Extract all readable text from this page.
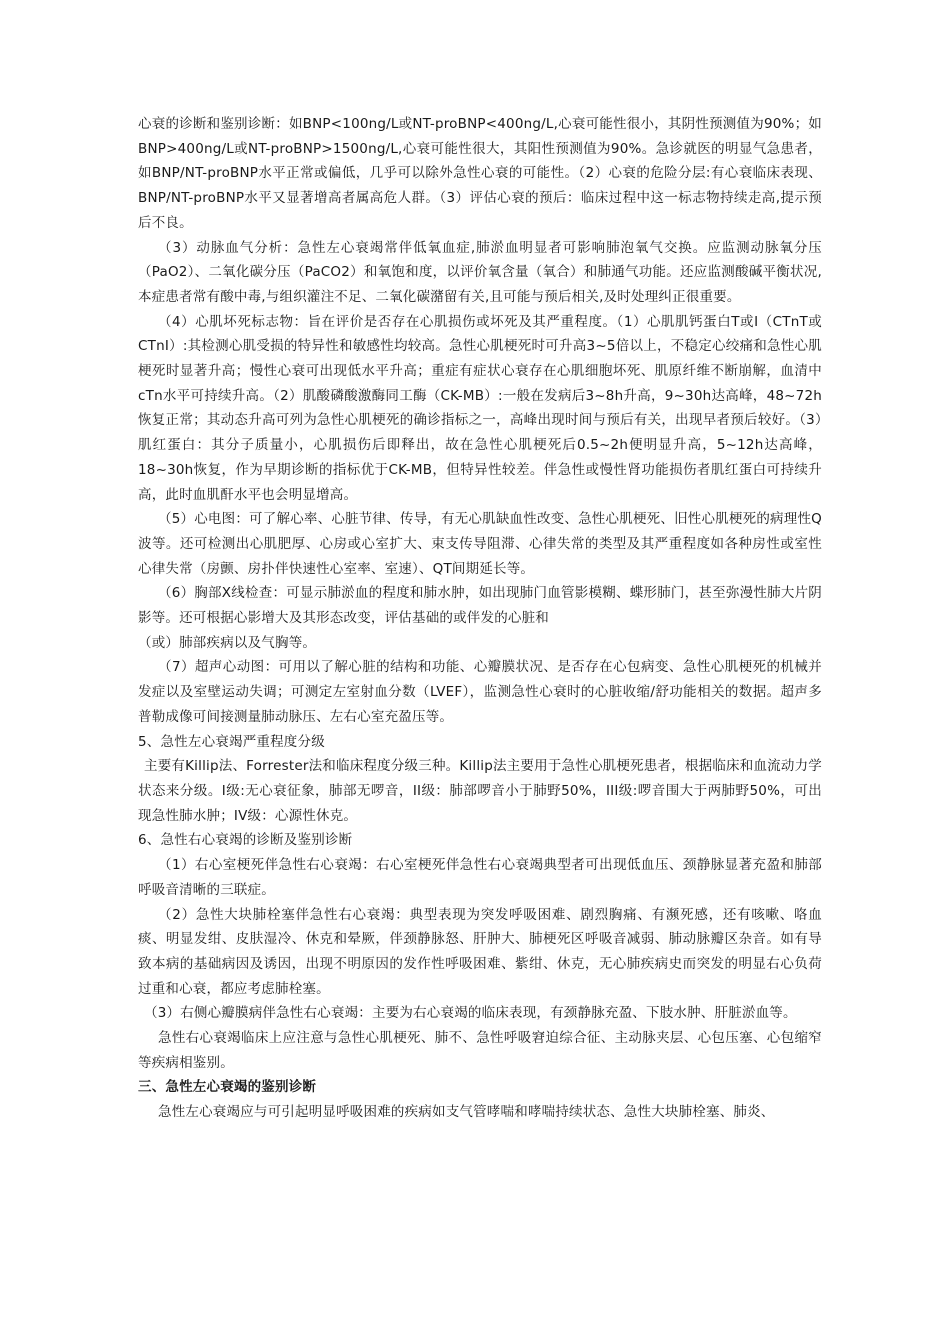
心衰的诊断和鉴别诊断：如BNP<100ng/L或NT-proBNP<400ng/L,心衰可能性很小，其阴性预测值为90%；如BNP>400ng/L或NT-proBNP>1500ng/L,心衰可能性很大，其阳性预测值为90%。急诊就医的明显气急患者，如BNP/NT-proBNP水平正常或偏低，几乎可以除外急性心衰的可能性。（2）心衰的危险分层:有心衰临床表现、BNP/NT-proBNP水平又显著增高者属高危人群。（3）评估心衰的预后：临床过程中这一标志物持续走高,提示预后不良。

（3）动脉血气分析：急性左心衰竭常伴低氧血症,肺淤血明显者可影响肺泡氧气交换。应监测动脉氧分压（PaO2）、二氧化碳分压（PaCO2）和氧饱和度，以评价氧含量（氧合）和肺通气功能。还应监测酸碱平衡状况,本症患者常有酸中毒,与组织灌注不足、二氧化碳潴留有关,且可能与预后相关,及时处理纠正很重要。

（4）心肌坏死标志物：旨在评价是否存在心肌损伤或坏死及其严重程度。（1）心肌肌钙蛋白T或I（CTnT或CTnI）:其检测心肌受损的特异性和敏感性均较高。急性心肌梗死时可升高3~5倍以上，不稳定心绞痛和急性心肌梗死时显著升高；慢性心衰可出现低水平升高；重症有症状心衰存在心肌细胞坏死、肌原纤维不断崩解，血清中cTn水平可持续升高。（2）肌酸磷酸激酶同工酶（CK-MB）:一般在发病后3~8h升高，9~30h达高峰，48~72h恢复正常；其动态升高可列为急性心肌梗死的确诊指标之一，高峰出现时间与预后有关，出现早者预后较好。（3）肌红蛋白：其分子质量小，心肌损伤后即释出，故在急性心肌梗死后0.5~2h便明显升高，5~12h达高峰，18~30h恢复，作为早期诊断的指标优于CK-MB，但特异性较差。伴急性或慢性肾功能损伤者肌红蛋白可持续升高，此时血肌酐水平也会明显增高。

（5）心电图：可了解心率、心脏节律、传导，有无心肌缺血性改变、急性心肌梗死、旧性心肌梗死的病理性Q波等。还可检测出心肌肥厚、心房或心室扩大、束支传导阻滞、心律失常的类型及其严重程度如各种房性或室性心律失常（房颤、房扑伴快速性心室率、室速）、QT间期延长等。

（6）胸部X线检查：可显示肺淤血的程度和肺水肿，如出现肺门血管影模糊、蝶形肺门，甚至弥漫性肺大片阴影等。还可根据心影增大及其形态改变，评估基础的或伴发的心脏和

（或）肺部疾病以及气胸等。

（7）超声心动图：可用以了解心脏的结构和功能、心瓣膜状况、是否存在心包病变、急性心肌梗死的机械并发症以及室壁运动失调；可测定左室射血分数（LVEF），监测急性心衰时的心脏收缩/舒功能相关的数据。超声多普勒成像可间接测量肺动脉压、左右心室充盈压等。

5、急性左心衰竭严重程度分级

主要有Killip法、Forrester法和临床程度分级三种。Killip法主要用于急性心肌梗死患者，根据临床和血流动力学状态来分级。I级:无心衰征象，肺部无啰音，II级：肺部啰音小于肺野50%，III级:啰音围大于两肺野50%，可出现急性肺水肿；IV级：心源性休克。

6、急性右心衰竭的诊断及鉴别诊断

（1）右心室梗死伴急性右心衰竭：右心室梗死伴急性右心衰竭典型者可出现低血压、颈静脉显著充盈和肺部呼吸音清晰的三联症。

（2）急性大块肺栓塞伴急性右心衰竭：典型表现为突发呼吸困难、剧烈胸痛、有濒死感，还有咳嗽、咯血痰、明显发绀、皮肤湿冷、休克和晕厥，伴颈静脉怒、肝肿大、肺梗死区呼吸音减弱、肺动脉瓣区杂音。如有导致本病的基础病因及诱因，出现不明原因的发作性呼吸困难、紫绀、休克，无心肺疾病史而突发的明显右心负荷过重和心衰，都应考虑肺栓塞。

（3）右侧心瓣膜病伴急性右心衰竭：主要为右心衰竭的临床表现，有颈静脉充盈、下肢水肿、肝脏淤血等。

急性右心衰竭临床上应注意与急性心肌梗死、肺不、急性呼吸窘迫综合征、主动脉夹层、心包压塞、心包缩窄等疾病相鉴别。

三、急性左心衰竭的鉴别诊断

急性左心衰竭应与可引起明显呼吸困难的疾病如支气管哮喘和哮喘持续状态、急性大块肺栓塞、肺炎、
